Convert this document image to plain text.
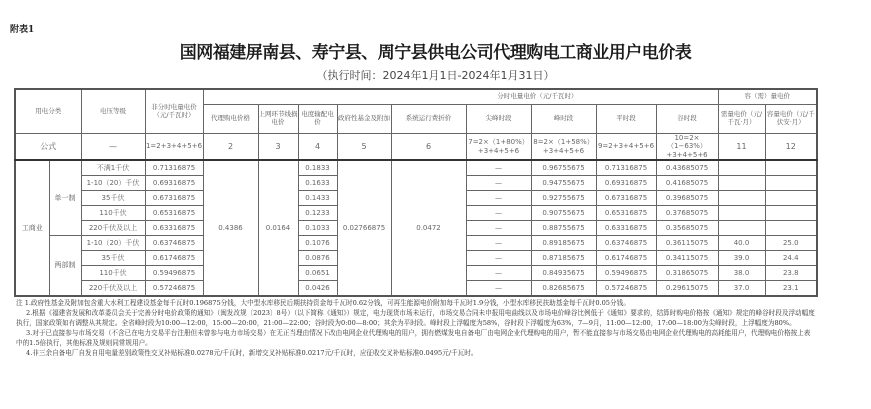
附表1
国网福建屏南县、寿宁县、周宁县供电公司代理购电工商业用户电价表
（执行时间：2024年1月1日-2024年1月31日）
用电分类		电压等级	非分时电量电价（元/千瓦时）	分时电量电价（元/千瓦时）									容（需）量电价	
				代理购电价格	上网环节线损电价	电度输配电价	政府性基金及附加	系统运行费折价	尖峰时段	峰时段	平时段	谷时段	需量电价（元/千瓦·月）	容量电价（元/千伏安·月）
公式		—	1=2+3+4+5+6	2	3	4	5	6	7=2×（1+80%）+3+4+5+6	8=2×（1+58%）+3+4+5+6	9=2+3+4+5+6	10=2×（1−63%）+3+4+5+6	11	12
工商业	单一制	不满1千伏	0.71316875	0.4386	0.0164	0.1833	0.02766875	0.0472	—	0.96755675	0.71316875	0.43685075		
		1-10（20）千伏	0.69316875			0.1633			—	0.94755675	0.69316875	0.41685075		
		35千伏	0.67316875			0.1433			—	0.92755675	0.67316875	0.39685075		
		110千伏	0.65316875			0.1233			—	0.90755675	0.65316875	0.37685075		
		220千伏及以上	0.63316875			0.1033			—	0.88755675	0.63316875	0.35685075		
	两部制	1-10（20）千伏	0.63746875			0.1076			—	0.89185675	0.63746875	0.36115075	40.0	25.0
		35千伏	0.61746875			0.0876			—	0.87185675	0.61746875	0.34115075	39.0	24.4
		110千伏	0.59496875			0.0651			—	0.84935675	0.59496875	0.31865075	38.0	23.8
		220千伏及以上	0.57246875			0.0426			—	0.82685675	0.57246875	0.29615075	37.0	23.1

注 1.政府性基金及附加包含重大水利工程建设基金每千瓦时0.196875分钱，大中型水库移民后期扶持资金每千瓦时0.62分钱，可再生能源电价附加每千瓦时1.9分钱，小型水库移民扶助基金每千瓦时0.05分钱。

2.根据《福建省发展和改革委员会关于完善分时电价政策的通知》（闽发改规〔2023〕8号）（以下简称《通知》）规定，电力现货市场未运行，市场交易合同未申报用电曲线以及市场电价峰谷比例低于《通知》要求的，结算时购电价格按《通知》规定的峰谷时段及浮动幅度执行，国家政策如有调整从其规定。全省峰时段为10:00—12:00，15:00—20:00，21:00—22:00；谷时段为0:00—8:00；其余为平时段。峰时段上浮幅度为58%，谷时段下浮幅度为63%，7—9月，11:00—12:00，17:00—18:00为尖峰时段，上浮幅度为80%。

3.对于已直接参与市场交易（不含已在电力交易平台注册但未曾参与电力市场交易）在无正当理由情况下改由电网企业代理购电的用户，拥有燃煤发电自备电厂由电网企业代理购电的用户，暂不能直接参与市场交易由电网企业代理购电的高耗能用户，代理购电价格按上表中的1.5倍执行，其他标准及规则同常规用户。

4.非三余自备电厂自发自用电量差别政策性交叉补贴标准0.0278元/千瓦时，新增交叉补贴标准0.0217元/千瓦时，应征收交叉补贴标准0.0495元/千瓦时。
